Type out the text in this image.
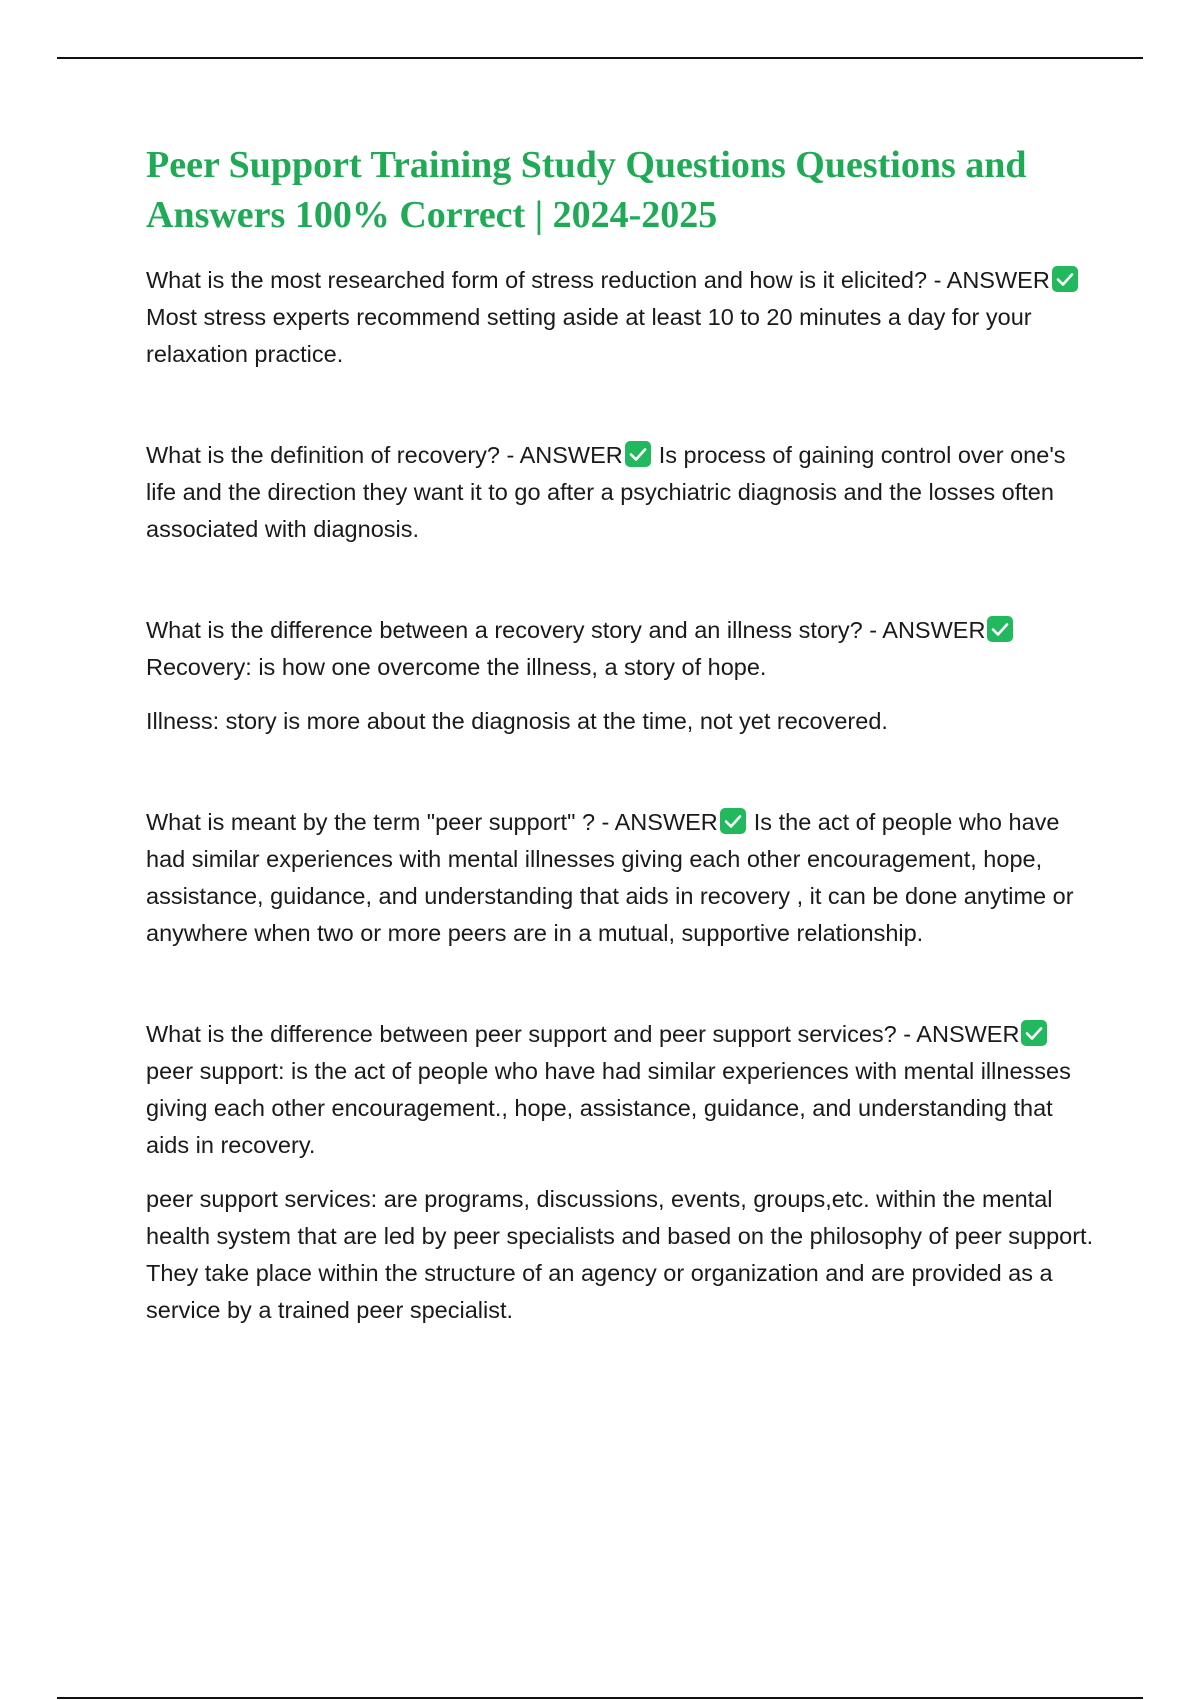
Peer Support Training Study Questions Questions and Answers 100% Correct | 2024-2025

What is the most researched form of stress reduction and how is it elicited? - ANSWER
Most stress experts recommend setting aside at least 10 to 20 minutes a day for your relaxation practice.

What is the definition of recovery? - ANSWER Is process of gaining control over one's life and the direction they want it to go after a psychiatric diagnosis and the losses often associated with diagnosis.

What is the difference between a recovery story and an illness story? - ANSWER
Recovery: is how one overcome the illness, a story of hope.

Illness: story is more about the diagnosis at the time, not yet recovered.

What is meant by the term "peer support" ? - ANSWER Is the act of people who have had similar experiences with mental illnesses giving each other encouragement, hope, assistance, guidance, and understanding that aids in recovery , it can be done anytime or anywhere when two or more peers are in a mutual, supportive relationship.

What is the difference between peer support and peer support services? - ANSWER
peer support: is the act of people who have had similar experiences with mental illnesses giving each other encouragement., hope, assistance, guidance, and understanding that aids in recovery.

peer support services: are programs, discussions, events, groups,etc. within the mental health system that are led by peer specialists and based on the philosophy of peer support. They take place within the structure of an agency or organization and are provided as a service by a trained peer specialist.
